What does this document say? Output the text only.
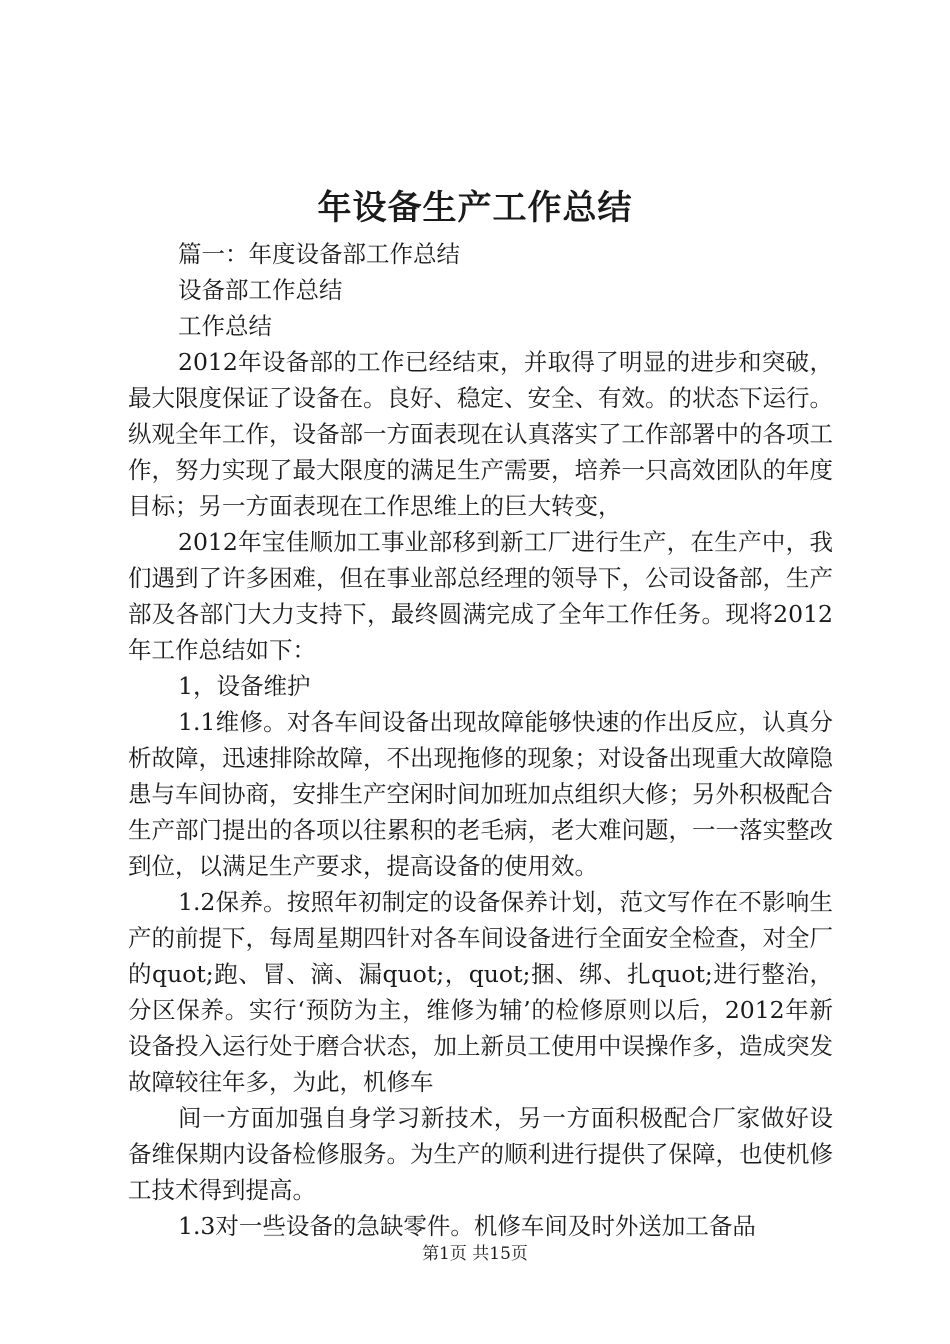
年设备生产工作总结

篇一：年度设备部工作总结

设备部工作总结

工作总结

2012年设备部的工作已经结束，并取得了明显的进步和突破，最大限度保证了设备在。良好、稳定、安全、有效。的状态下运行。纵观全年工作，设备部一方面表现在认真落实了工作部署中的各项工作，努力实现了最大限度的满足生产需要，培养一只高效团队的年度目标；另一方面表现在工作思维上的巨大转变，

2012年宝佳顺加工事业部移到新工厂进行生产，在生产中，我们遇到了许多困难，但在事业部总经理的领导下，公司设备部，生产部及各部门大力支持下，最终圆满完成了全年工作任务。现将2012年工作总结如下：

1，设备维护

1.1维修。对各车间设备出现故障能够快速的作出反应，认真分析故障，迅速排除故障，不出现拖修的现象；对设备出现重大故障隐患与车间协商，安排生产空闲时间加班加点组织大修；另外积极配合生产部门提出的各项以往累积的老毛病，老大难问题，一一落实整改到位，以满足生产要求，提高设备的使用效。

1.2保养。按照年初制定的设备保养计划，范文写作在不影响生产的前提下，每周星期四针对各车间设备进行全面安全检查，对全厂的quot;跑、冒、滴、漏quot;，quot;捆、绑、扎quot;进行整治，分区保养。实行‘预防为主，维修为辅’的检修原则以后，2012年新设备投入运行处于磨合状态，加上新员工使用中误操作多，造成突发故障较往年多，为此，机修车

间一方面加强自身学习新技术，另一方面积极配合厂家做好设备维保期内设备检修服务。为生产的顺利进行提供了保障，也使机修工技术得到提高。

1.3对一些设备的急缺零件。机修车间及时外送加工备品

第1页 共15页
